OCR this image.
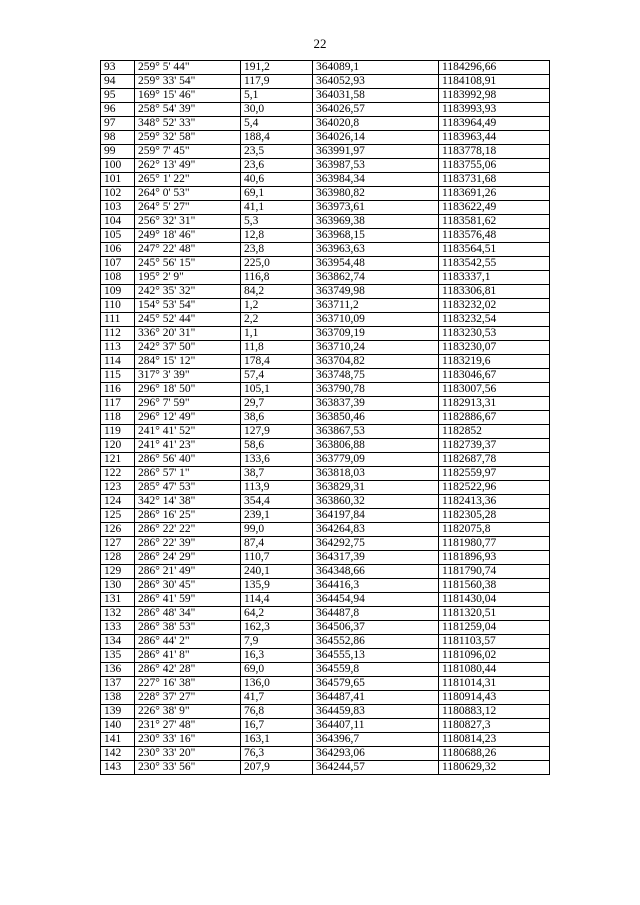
22
93	259° 5' 44"	191,2	364089,1	1184296,66
94	259° 33' 54"	117,9	364052,93	1184108,91
95	169° 15' 46"	5,1	364031,58	1183992,98
96	258° 54' 39"	30,0	364026,57	1183993,93
97	348° 52' 33"	5,4	364020,8	1183964,49
98	259° 32' 58"	188,4	364026,14	1183963,44
99	259° 7' 45"	23,5	363991,97	1183778,18
100	262° 13' 49"	23,6	363987,53	1183755,06
101	265° 1' 22"	40,6	363984,34	1183731,68
102	264° 0' 53"	69,1	363980,82	1183691,26
103	264° 5' 27"	41,1	363973,61	1183622,49
104	256° 32' 31"	5,3	363969,38	1183581,62
105	249° 18' 46"	12,8	363968,15	1183576,48
106	247° 22' 48"	23,8	363963,63	1183564,51
107	245° 56' 15"	225,0	363954,48	1183542,55
108	195° 2' 9"	116,8	363862,74	1183337,1
109	242° 35' 32"	84,2	363749,98	1183306,81
110	154° 53' 54"	1,2	363711,2	1183232,02
111	245° 52' 44"	2,2	363710,09	1183232,54
112	336° 20' 31"	1,1	363709,19	1183230,53
113	242° 37' 50"	11,8	363710,24	1183230,07
114	284° 15' 12"	178,4	363704,82	1183219,6
115	317° 3' 39"	57,4	363748,75	1183046,67
116	296° 18' 50"	105,1	363790,78	1183007,56
117	296° 7' 59"	29,7	363837,39	1182913,31
118	296° 12' 49"	38,6	363850,46	1182886,67
119	241° 41' 52"	127,9	363867,53	1182852
120	241° 41' 23"	58,6	363806,88	1182739,37
121	286° 56' 40"	133,6	363779,09	1182687,78
122	286° 57' 1"	38,7	363818,03	1182559,97
123	285° 47' 53"	113,9	363829,31	1182522,96
124	342° 14' 38"	354,4	363860,32	1182413,36
125	286° 16' 25"	239,1	364197,84	1182305,28
126	286° 22' 22"	99,0	364264,83	1182075,8
127	286° 22' 39"	87,4	364292,75	1181980,77
128	286° 24' 29"	110,7	364317,39	1181896,93
129	286° 21' 49"	240,1	364348,66	1181790,74
130	286° 30' 45"	135,9	364416,3	1181560,38
131	286° 41' 59"	114,4	364454,94	1181430,04
132	286° 48' 34"	64,2	364487,8	1181320,51
133	286° 38' 53"	162,3	364506,37	1181259,04
134	286° 44' 2"	7,9	364552,86	1181103,57
135	286° 41' 8"	16,3	364555,13	1181096,02
136	286° 42' 28"	69,0	364559,8	1181080,44
137	227° 16' 38"	136,0	364579,65	1181014,31
138	228° 37' 27"	41,7	364487,41	1180914,43
139	226° 38' 9"	76,8	364459,83	1180883,12
140	231° 27' 48"	16,7	364407,11	1180827,3
141	230° 33' 16"	163,1	364396,7	1180814,23
142	230° 33' 20"	76,3	364293,06	1180688,26
143	230° 33' 56"	207,9	364244,57	1180629,32
